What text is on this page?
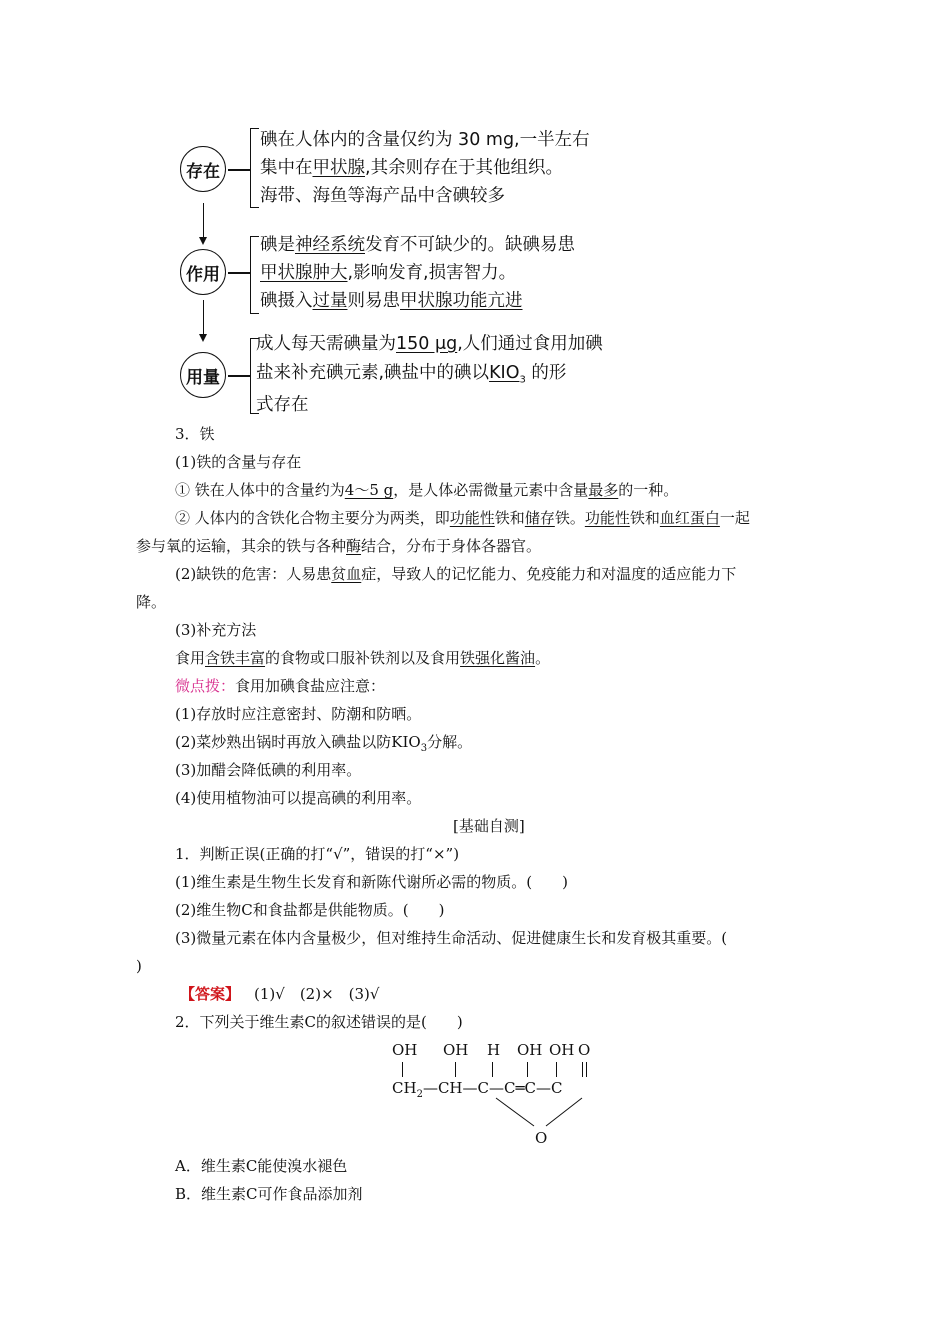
存在
碘在人体内的含量仅约为 30 mg,一半左右
集中在甲状腺,其余则存在于其他组织。
海带、海鱼等海产品中含碘较多
作用
碘是神经系统发育不可缺少的。缺碘易患
甲状腺肿大,影响发育,损害智力。
碘摄入过量则易患甲状腺功能亢进
用量
成人每天需碘量为150 μg,人们通过食用加碘
盐来补充碘元素,碘盐中的碘以$KIO_3$ 的形
式存在
3．铁
(1)铁的含量与存在
① 铁在人体中的含量约为4～5 g，是人体必需微量元素中含量最多的一种。
② 人体内的含铁化合物主要分为两类，即功能性铁和储存铁。功能性铁和血红蛋白一起
参与氧的运输，其余的铁与各种酶结合，分布于身体各器官。
(2)缺铁的危害：人易患贫血症，导致人的记忆能力、免疫能力和对温度的适应能力下
降。
(3)补充方法
食用含铁丰富的食物或口服补铁剂以及食用铁强化酱油。
微点拨：食用加碘食盐应注意：
(1)存放时应注意密封、防潮和防晒。
(2)菜炒熟出锅时再放入碘盐以防$KIO_3$分解。
(3)加醋会降低碘的利用率。
(4)使用植物油可以提高碘的利用率。
[基础自测]
1．判断正误(正确的打“√”，错误的打“×”)
(1)维生素是生物生长发育和新陈代谢所必需的物质。(　　)
(2)维生物C和食盐都是供能物质。(　　)
(3)微量元素在体内含量极少，但对维持生命活动、促进健康生长和发育极其重要。(
)
【答案】 (1)√　(2)×　(3)√
2．下列关于维生素C的叙述错误的是(　　)
OH OH H OH OH O
$CH_2—CH—C—C═C—C$
O
A．维生素C能使溴水褪色
B．维生素C可作食品添加剂
